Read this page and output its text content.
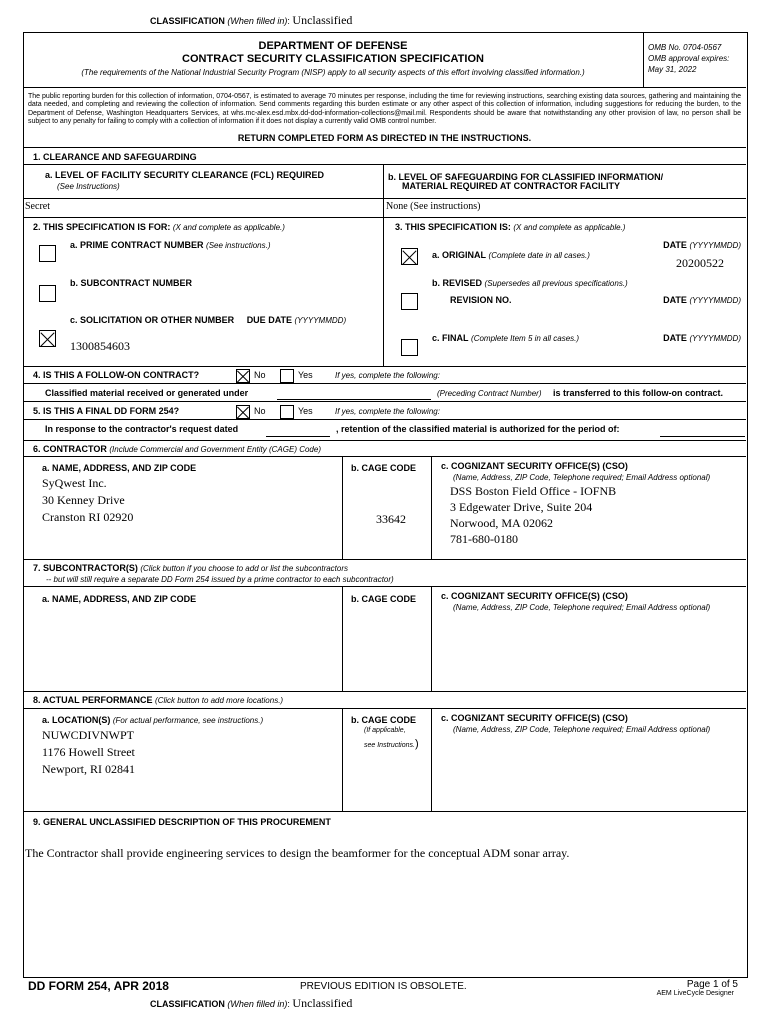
CLASSIFICATION (When filled in): Unclassified
DEPARTMENT OF DEFENSE
CONTRACT SECURITY CLASSIFICATION SPECIFICATION
(The requirements of the National Industrial Security Program (NISP) apply to all security aspects of this effort involving classified information.)
OMB No. 0704-0567
OMB approval expires:
May 31, 2022
The public reporting burden for this collection of information, 0704-0567, is estimated to average 70 minutes per response, including the time for reviewing instructions, searching existing data sources, gathering and maintaining the data needed, and completing and reviewing the collection of information. Send comments regarding this burden estimate or any other aspect of this collection of information, including suggestions for reducing the burden, to the Department of Defense, Washington Headquarters Services, at whs.mc-alex.esd.mbx.dd-dod-information-collections@mail.mil. Respondents should be aware that notwithstanding any other provision of law, no person shall be subject to any penalty for failing to comply with a collection of information if it does not display a currently valid OMB control number.
RETURN COMPLETED FORM AS DIRECTED IN THE INSTRUCTIONS.
1. CLEARANCE AND SAFEGUARDING
a. LEVEL OF FACILITY SECURITY CLEARANCE (FCL) REQUIRED
(See Instructions)
b. LEVEL OF SAFEGUARDING FOR CLASSIFIED INFORMATION/
MATERIAL REQUIRED AT CONTRACTOR FACILITY
Secret	None (See instructions)
2. THIS SPECIFICATION IS FOR: (X and complete as applicable.)	3. THIS SPECIFICATION IS: (X and complete as applicable.)
a. PRIME CONTRACT NUMBER (See instructions.)
b. SUBCONTRACT NUMBER
c. SOLICITATION OR OTHER NUMBER DUE DATE (YYYYMMDD)
1300854603
a. ORIGINAL (Complete date in all cases.)
DATE (YYYYMMDD)
20200522
b. REVISED (Supersedes all previous specifications.)
REVISION NO.	DATE (YYYYMMDD)
c. FINAL (Complete Item 5 in all cases.)	DATE (YYYYMMDD)
4. IS THIS A FOLLOW-ON CONTRACT?	No	Yes	If yes, complete the following:
Classified material received or generated under	(Preceding Contract Number) is transferred to this follow-on contract.
5. IS THIS A FINAL DD FORM 254?	No	Yes	If yes, complete the following:
In response to the contractor's request dated	, retention of the classified material is authorized for the period of:
6. CONTRACTOR (Include Commercial and Government Entity (CAGE) Code)
a. NAME, ADDRESS, AND ZIP CODE	b. CAGE CODE	c. COGNIZANT SECURITY OFFICE(S) (CSO)
(Name, Address, ZIP Code, Telephone required; Email Address optional)
SyQwest Inc.
30 Kenney Drive
Cranston RI 02920	33642
DSS Boston Field Office - IOFNB
3 Edgewater Drive, Suite 204
Norwood, MA 02062
781-680-0180
7. SUBCONTRACTOR(S) (Click button if you choose to add or list the subcontractors
-- but will still require a separate DD Form 254 issued by a prime contractor to each subcontractor)
a. NAME, ADDRESS, AND ZIP CODE	b. CAGE CODE	c. COGNIZANT SECURITY OFFICE(S) (CSO)
(Name, Address, ZIP Code, Telephone required; Email Address optional)
8. ACTUAL PERFORMANCE (Click button to add more locations.)
a. LOCATION(S) (For actual performance, see instructions.)	b. CAGE CODE
(If applicable,
see Instructions.)
c. COGNIZANT SECURITY OFFICE(S) (CSO)
(Name, Address, ZIP Code, Telephone required; Email Address optional)
NUWCDIVNWPT
1176 Howell Street
Newport, RI 02841
9. GENERAL UNCLASSIFIED DESCRIPTION OF THIS PROCUREMENT
The Contractor shall provide engineering services to design the beamformer for the conceptual ADM sonar array.
DD FORM 254, APR 2018	PREVIOUS EDITION IS OBSOLETE.	Page 1 of 5
AEM LiveCycle Designer
CLASSIFICATION (When filled in): Unclassified
